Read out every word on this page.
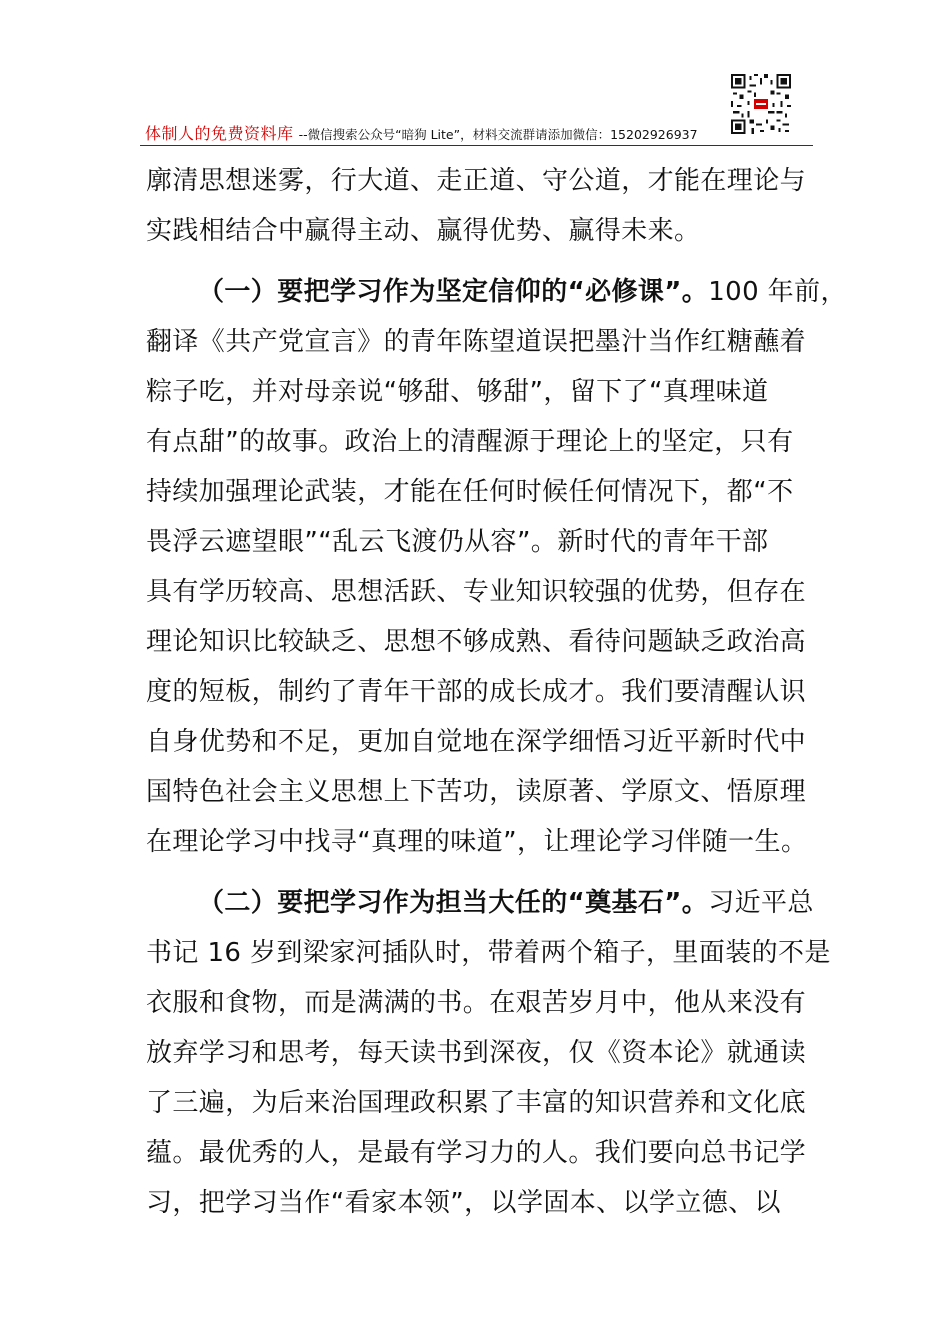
体制人的免费资料库 --微信搜索公众号“暗狗 Lite”，材料交流群请添加微信：15202926937
廓清思想迷雾，行大道、走正道、守公道，才能在理论与
实践相结合中赢得主动、赢得优势、赢得未来。
（一）要把学习作为坚定信仰的“必修课”。100 年前，
翻译《共产党宣言》的青年陈望道误把墨汁当作红糖蘸着
粽子吃，并对母亲说“够甜、够甜”，留下了“真理味道
有点甜”的故事。政治上的清醒源于理论上的坚定，只有
持续加强理论武装，才能在任何时候任何情况下，都“不
畏浮云遮望眼”“乱云飞渡仍从容”。新时代的青年干部
具有学历较高、思想活跃、专业知识较强的优势，但存在
理论知识比较缺乏、思想不够成熟、看待问题缺乏政治高
度的短板，制约了青年干部的成长成才。我们要清醒认识
自身优势和不足，更加自觉地在深学细悟习近平新时代中
国特色社会主义思想上下苦功，读原著、学原文、悟原理
在理论学习中找寻“真理的味道”，让理论学习伴随一生。
（二）要把学习作为担当大任的“奠基石”。习近平总
书记 16 岁到梁家河插队时，带着两个箱子，里面装的不是
衣服和食物，而是满满的书。在艰苦岁月中，他从来没有
放弃学习和思考，每天读书到深夜，仅《资本论》就通读
了三遍，为后来治国理政积累了丰富的知识营养和文化底
蕴。最优秀的人，是最有学习力的人。我们要向总书记学
习，把学习当作“看家本领”，以学固本、以学立德、以
